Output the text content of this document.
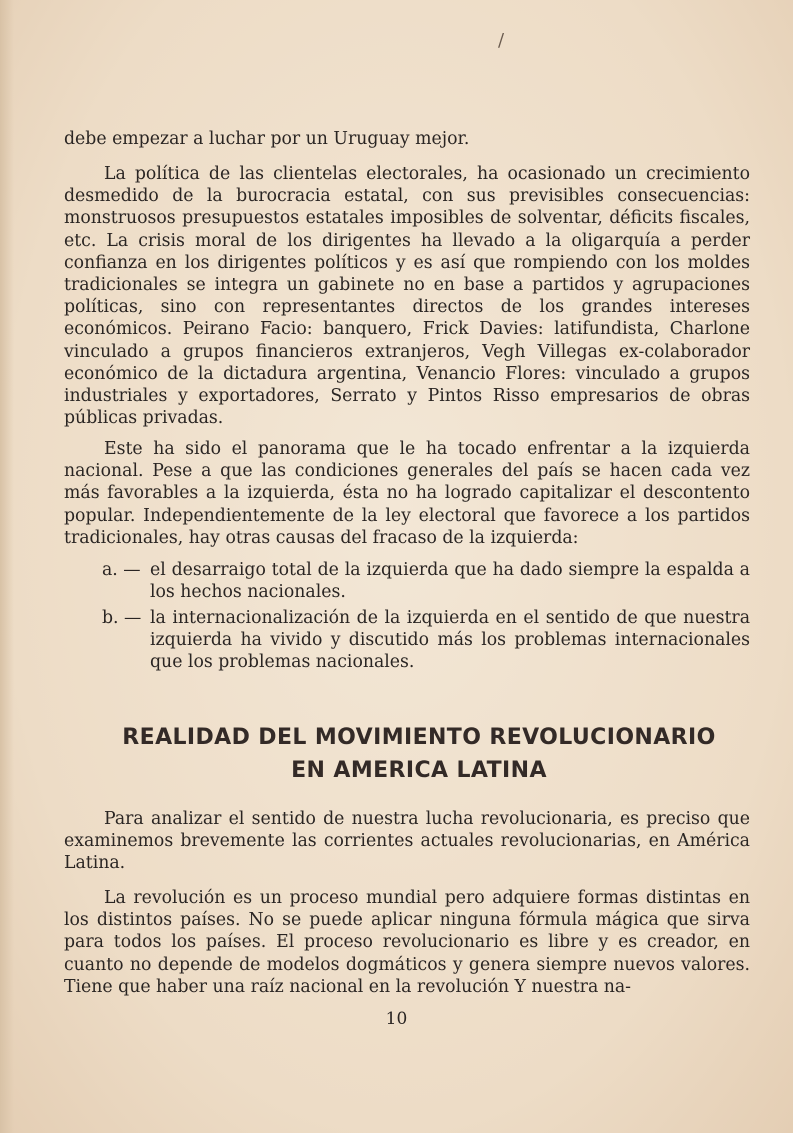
/

debe empezar a luchar por un Uruguay mejor.

La política de las clientelas electorales, ha ocasionado un crecimiento desmedido de la burocracia estatal, con sus previsibles consecuencias: monstruosos presupuestos estatales imposibles de solventar, déficits fiscales, etc. La crisis moral de los dirigentes ha llevado a la oligarquía a perder confianza en los dirigentes políticos y es así que rompiendo con los moldes tradicionales se integra un gabinete no en base a partidos y agrupaciones políticas, sino con representantes directos de los grandes intereses económicos. Peirano Facio: banquero, Frick Davies: latifundista, Charlone vinculado a grupos financieros extranjeros, Vegh Villegas ex-colaborador económico de la dictadura argentina, Venancio Flores: vinculado a grupos industriales y exportadores, Serrato y Pintos Risso empresarios de obras públicas privadas.

Este ha sido el panorama que le ha tocado enfrentar a la izquierda nacional. Pese a que las condiciones generales del país se hacen cada vez más favorables a la izquierda, ésta no ha logrado capitalizar el descontento popular. Independientemente de la ley electoral que favorece a los partidos tradicionales, hay otras causas del fracaso de la izquierda:

a. — el desarraigo total de la izquierda que ha dado siempre la espalda a los hechos nacionales.
b. — la internacionalización de la izquierda en el sentido de que nuestra izquierda ha vivido y discutido más los problemas internacionales que los problemas nacionales.
REALIDAD DEL MOVIMIENTO REVOLUCIONARIO
EN AMERICA LATINA

Para analizar el sentido de nuestra lucha revolucionaria, es preciso que examinemos brevemente las corrientes actuales revolucionarias, en América Latina.

La revolución es un proceso mundial pero adquiere formas distintas en los distintos países. No se puede aplicar ninguna fórmula mágica que sirva para todos los países. El proceso revolucionario es libre y es creador, en cuanto no depende de modelos dogmáticos y genera siempre nuevos valores. Tiene que haber una raíz nacional en la revolución Y nuestra na-

10
